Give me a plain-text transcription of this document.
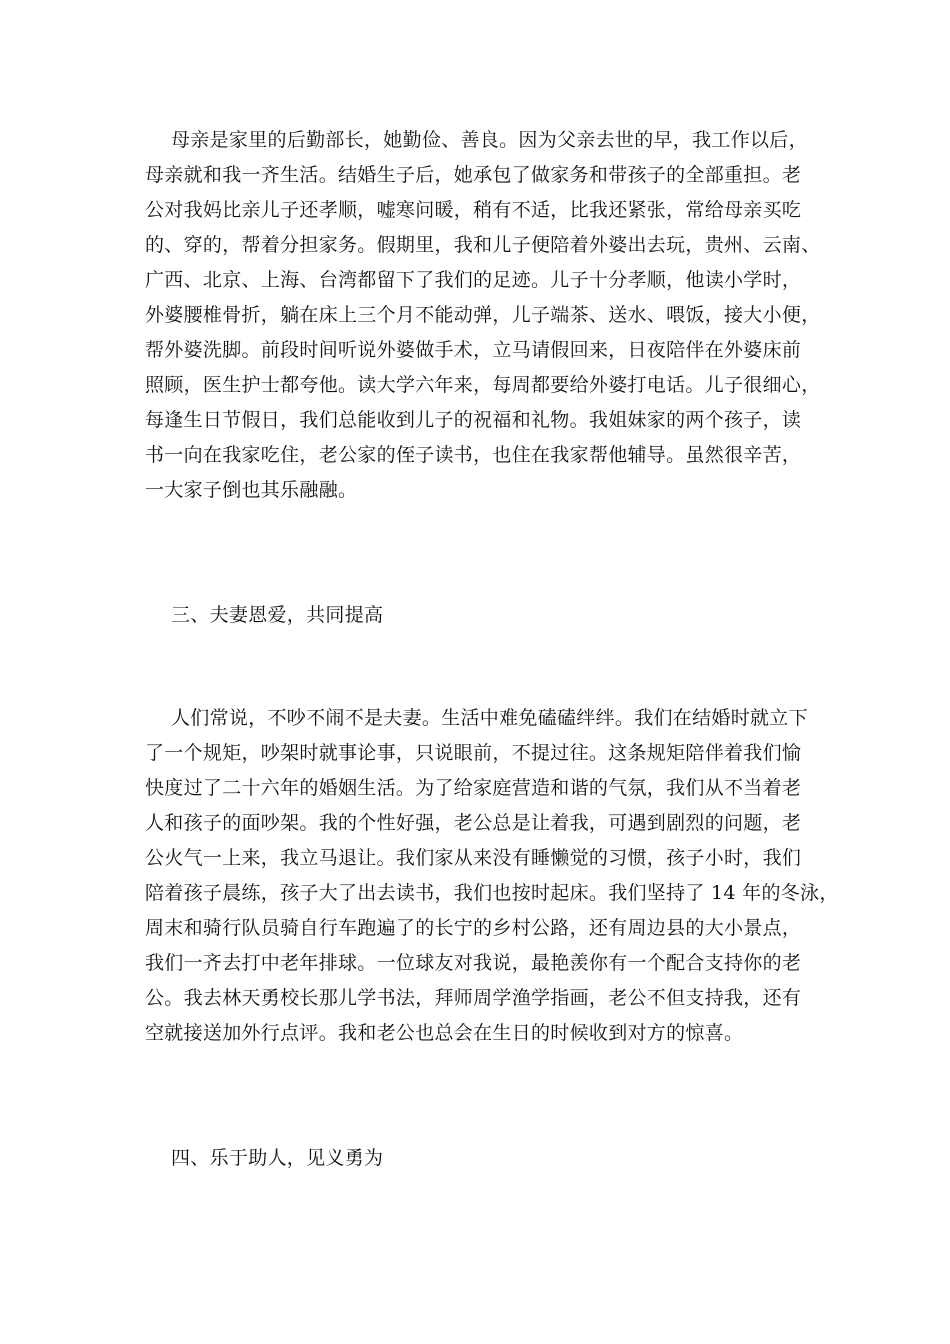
母亲是家里的后勤部长，她勤俭、善良。因为父亲去世的早，我工作以后，
母亲就和我一齐生活。结婚生子后，她承包了做家务和带孩子的全部重担。老
公对我妈比亲儿子还孝顺，嘘寒问暖，稍有不适，比我还紧张，常给母亲买吃
的、穿的，帮着分担家务。假期里，我和儿子便陪着外婆出去玩，贵州、云南、
广西、北京、上海、台湾都留下了我们的足迹。儿子十分孝顺，他读小学时，
外婆腰椎骨折，躺在床上三个月不能动弹，儿子端茶、送水、喂饭，接大小便，
帮外婆洗脚。前段时间听说外婆做手术，立马请假回来，日夜陪伴在外婆床前
照顾，医生护士都夸他。读大学六年来，每周都要给外婆打电话。儿子很细心，
每逢生日节假日，我们总能收到儿子的祝福和礼物。我姐妹家的两个孩子，读
书一向在我家吃住，老公家的侄子读书，也住在我家帮他辅导。虽然很辛苦，
一大家子倒也其乐融融。
三、夫妻恩爱，共同提高
人们常说，不吵不闹不是夫妻。生活中难免磕磕绊绊。我们在结婚时就立下
了一个规矩，吵架时就事论事，只说眼前，不提过往。这条规矩陪伴着我们愉
快度过了二十六年的婚姻生活。为了给家庭营造和谐的气氛，我们从不当着老
人和孩子的面吵架。我的个性好强，老公总是让着我，可遇到剧烈的问题，老
公火气一上来，我立马退让。我们家从来没有睡懒觉的习惯，孩子小时，我们
陪着孩子晨练，孩子大了出去读书，我们也按时起床。我们坚持了 14 年的冬泳，
周末和骑行队员骑自行车跑遍了的长宁的乡村公路，还有周边县的大小景点，
我们一齐去打中老年排球。一位球友对我说，最艳羡你有一个配合支持你的老
公。我去林天勇校长那儿学书法，拜师周学渔学指画，老公不但支持我，还有
空就接送加外行点评。我和老公也总会在生日的时候收到对方的惊喜。
四、乐于助人，见义勇为
